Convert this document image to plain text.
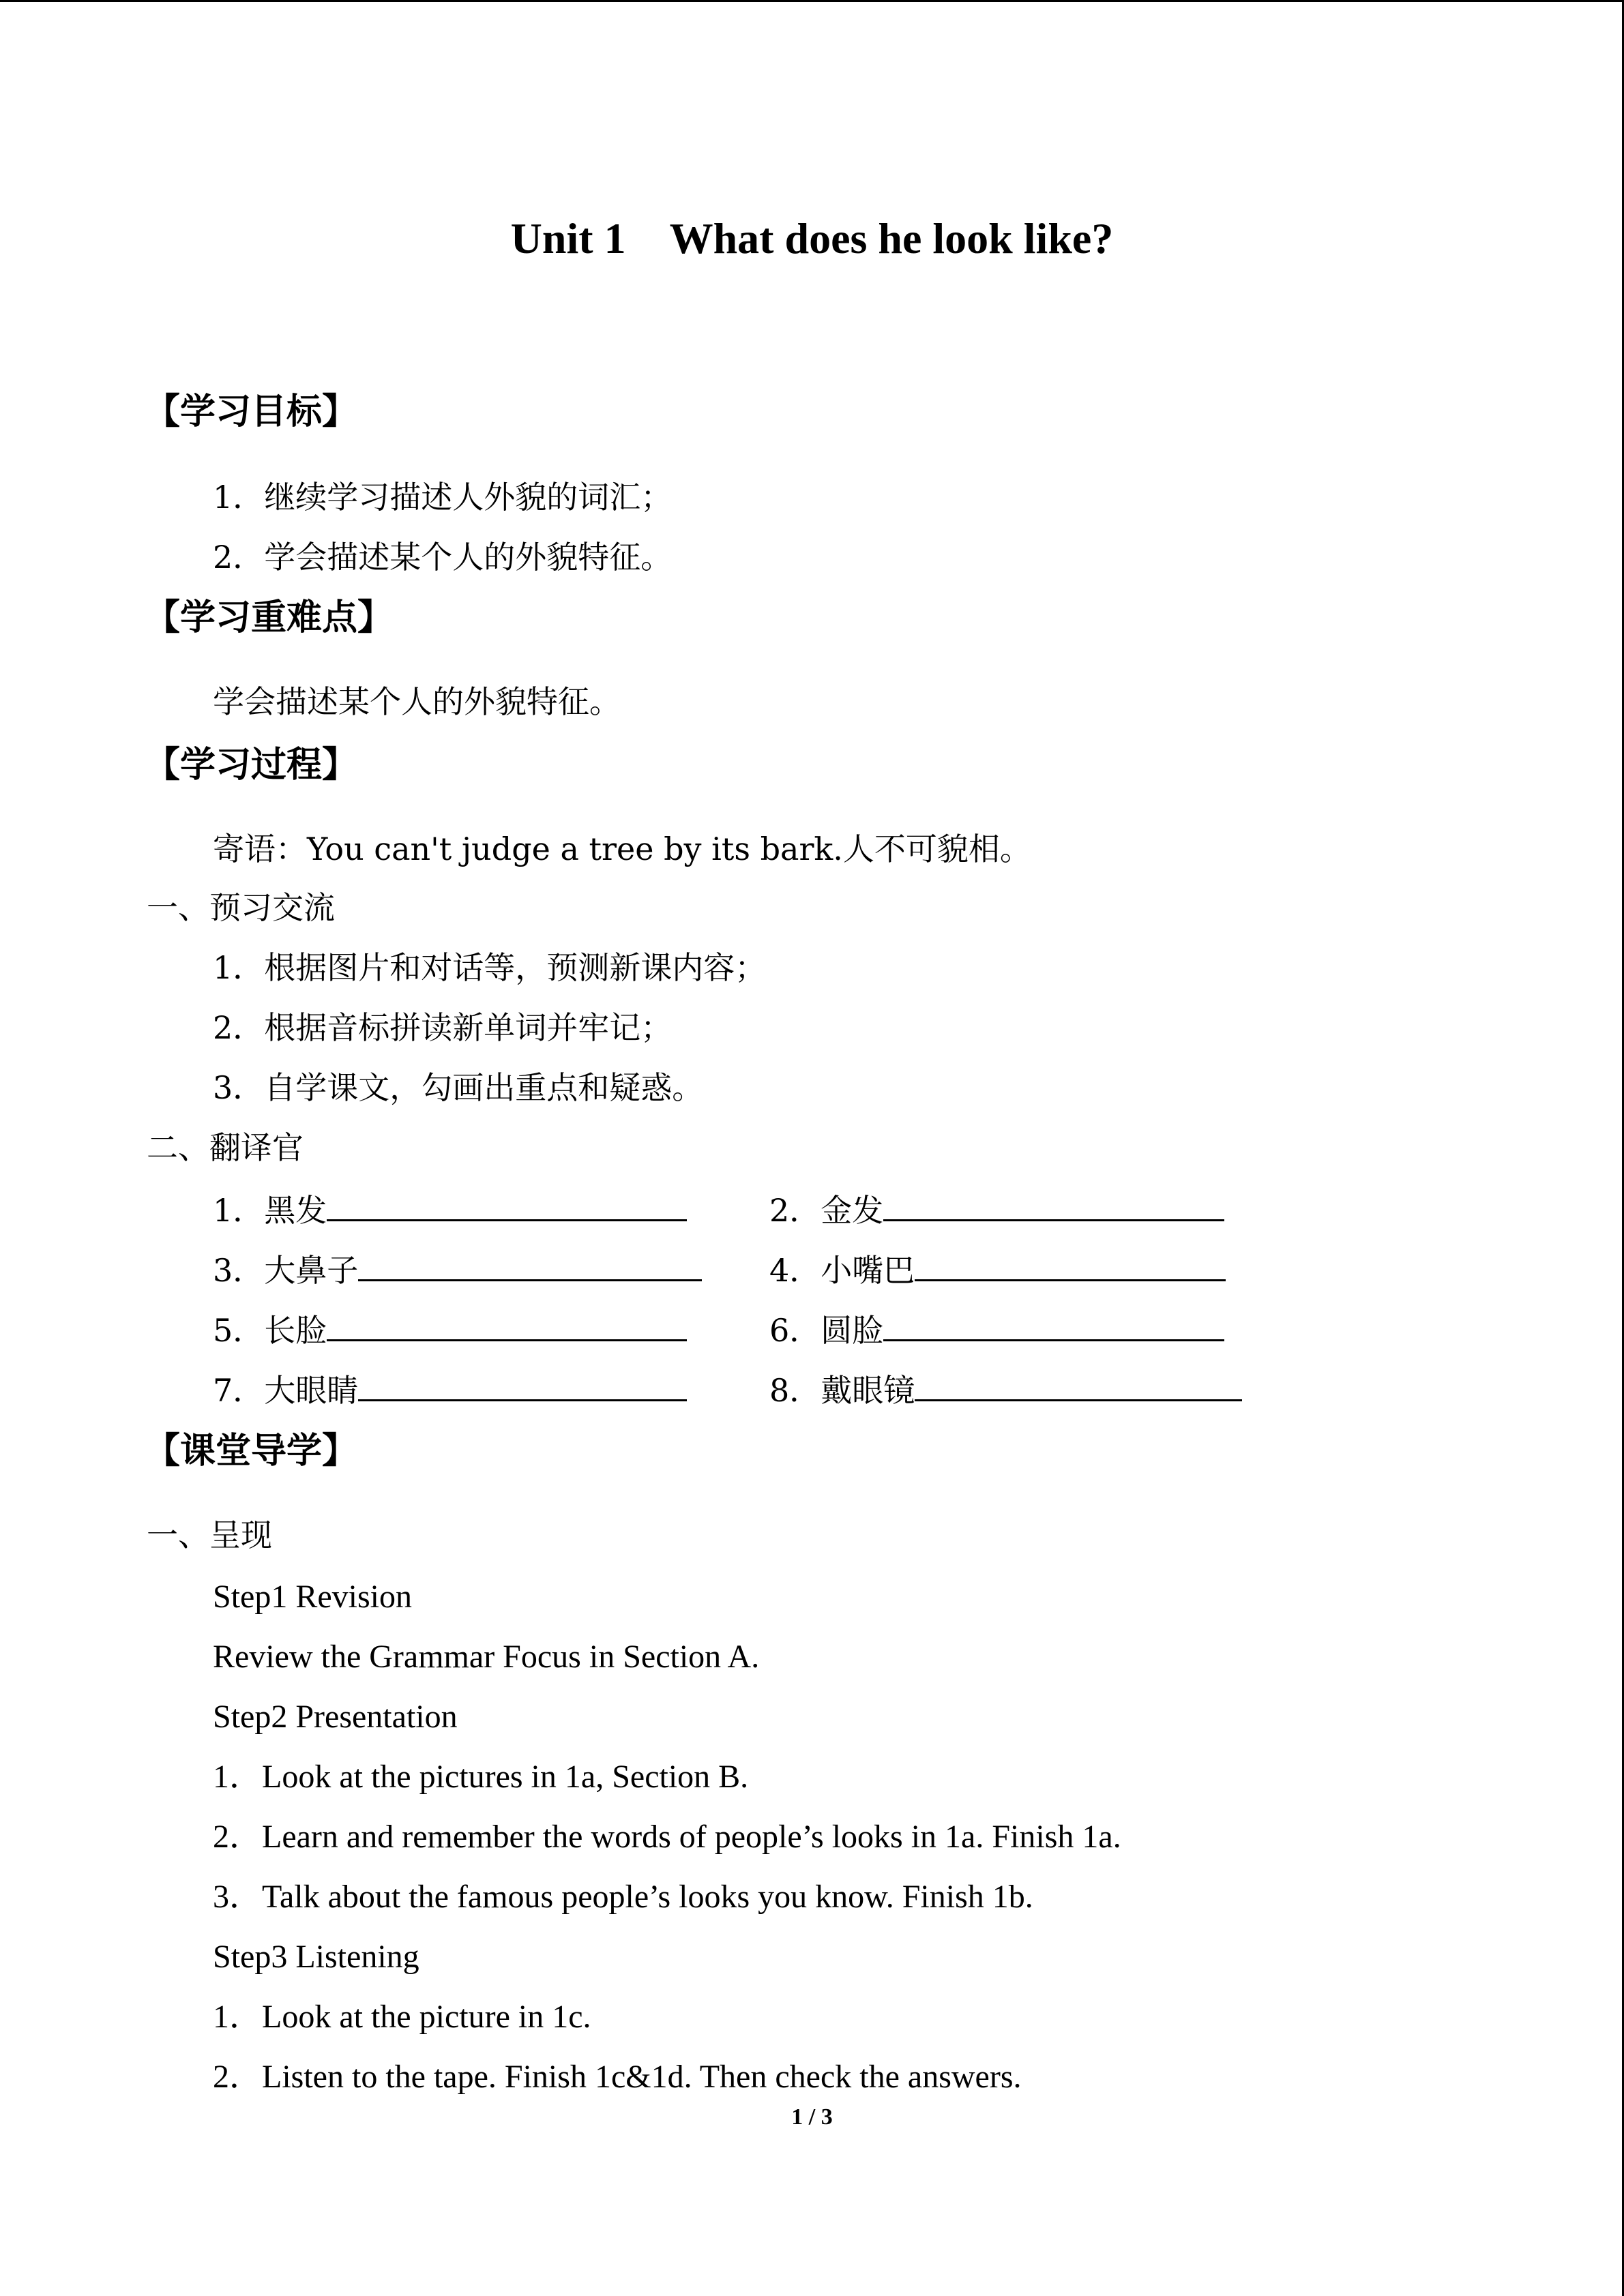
Unit 1　What does he look like?
【学习目标】
1．继续学习描述人外貌的词汇；
2．学会描述某个人的外貌特征。
【学习重难点】
学会描述某个人的外貌特征。
【学习过程】
寄语：You can't judge a tree by its bark.人不可貌相。
一、预习交流
1．根据图片和对话等，预测新课内容；
2．根据音标拼读新单词并牢记；
3．自学课文，勾画出重点和疑惑。
二、翻译官
1．黑发	2．金发
3．大鼻子	4．小嘴巴
5．长脸	6．圆脸
7．大眼睛	8．戴眼镜
【课堂导学】
一、呈现
Step1 Revision
Review the Grammar Focus in Section A.
Step2 Presentation
1．Look at the pictures in 1a, Section B.
2．Learn and remember the words of people’s looks in 1a. Finish 1a.
3．Talk about the famous people’s looks you know. Finish 1b.
Step3 Listening
1．Look at the picture in 1c.
2．Listen to the tape. Finish 1c&1d. Then check the answers.
1 / 3
